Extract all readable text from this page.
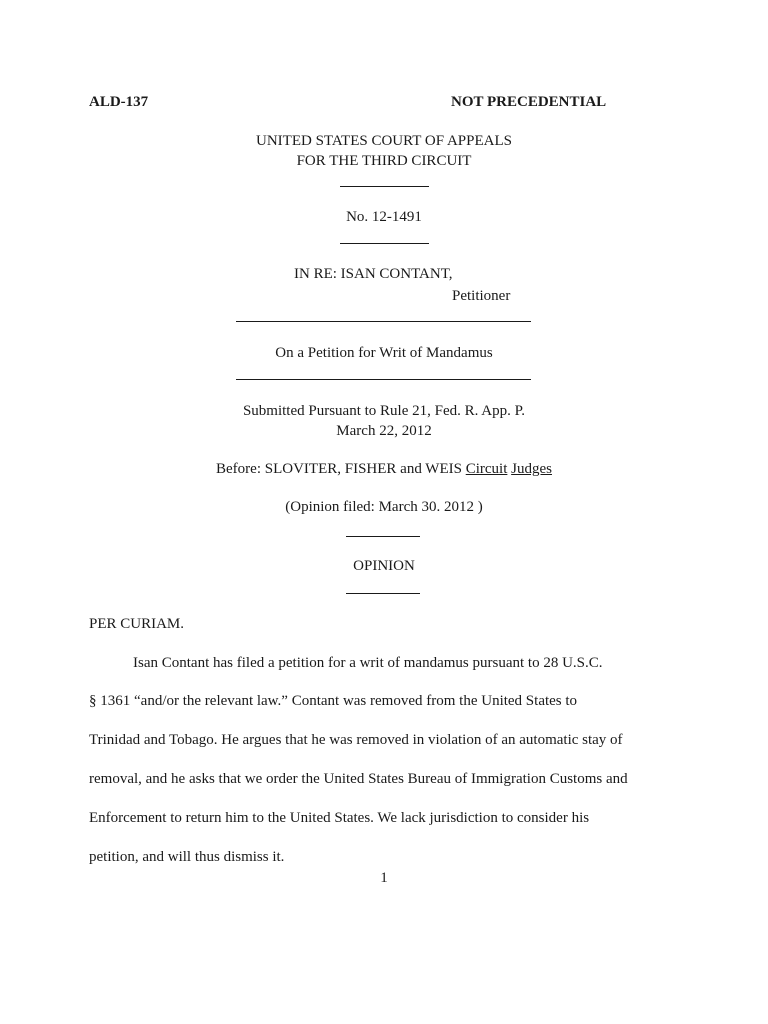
ALD-137	NOT PRECEDENTIAL
UNITED STATES COURT OF APPEALS
FOR THE THIRD CIRCUIT
No. 12-1491
IN RE: ISAN CONTANT,
Petitioner
On a Petition for Writ of Mandamus
Submitted Pursuant to Rule 21, Fed. R. App. P.
March 22, 2012
Before: SLOVITER, FISHER and WEIS Circuit Judges
(Opinion filed: March 30. 2012 )
OPINION
PER CURIAM.
Isan Contant has filed a petition for a writ of mandamus pursuant to 28 U.S.C.
§ 1361 “and/or the relevant law.” Contant was removed from the United States to
Trinidad and Tobago. He argues that he was removed in violation of an automatic stay of
removal, and he asks that we order the United States Bureau of Immigration Customs and
Enforcement to return him to the United States. We lack jurisdiction to consider his
petition, and will thus dismiss it.
1
